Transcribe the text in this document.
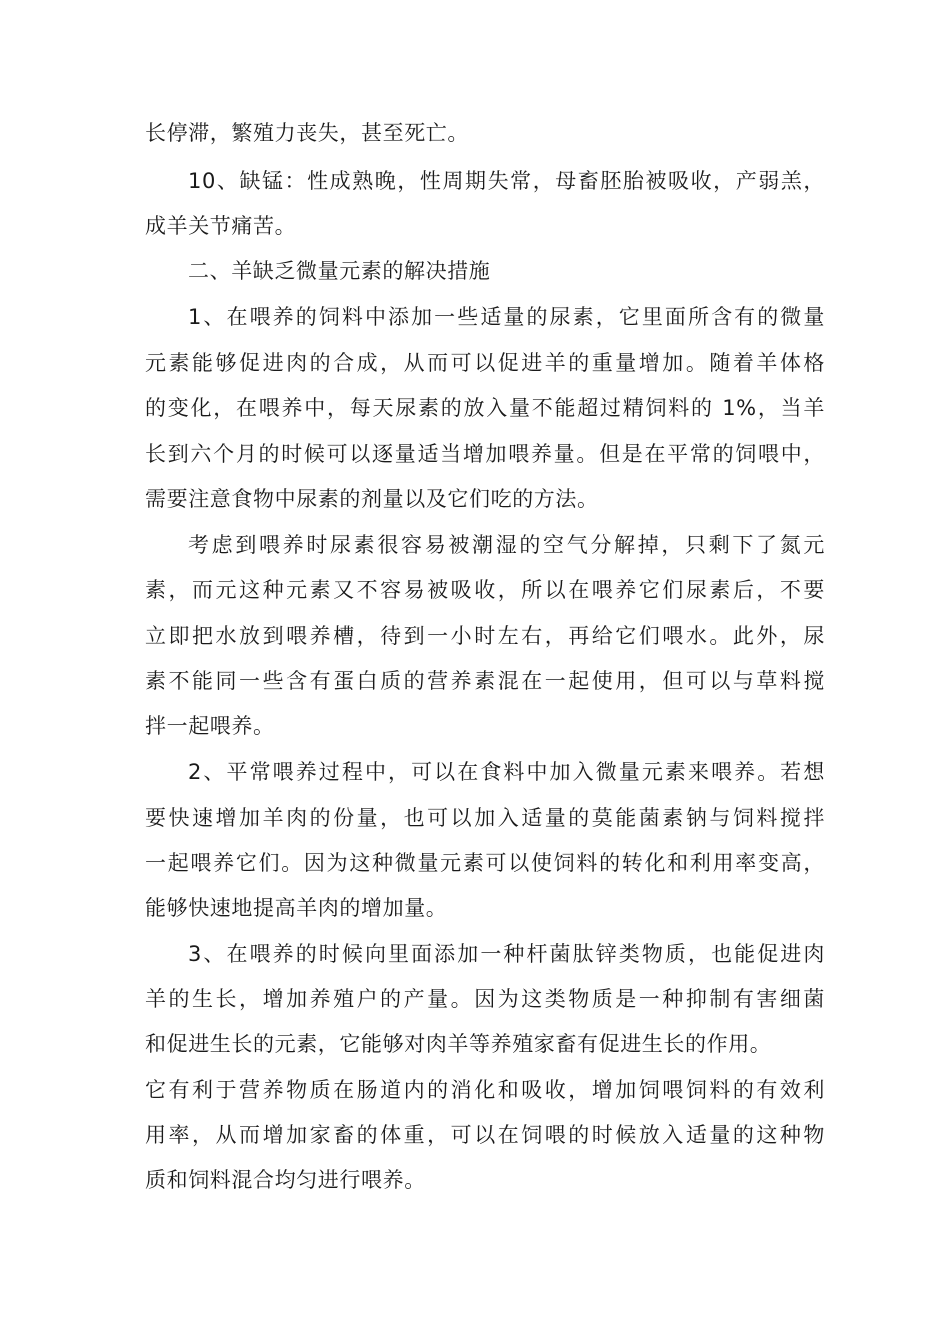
长停滞，繁殖力丧失，甚至死亡。
10、缺锰：性成熟晚，性周期失常，母畜胚胎被吸收，产弱羔，
成羊关节痛苦。
二、羊缺乏微量元素的解决措施
1、在喂养的饲料中添加一些适量的尿素，它里面所含有的微量
元素能够促进肉的合成，从而可以促进羊的重量增加。随着羊体格
的变化，在喂养中，每天尿素的放入量不能超过精饲料的 1%，当羊
长到六个月的时候可以逐量适当增加喂养量。但是在平常的饲喂中，
需要注意食物中尿素的剂量以及它们吃的方法。
考虑到喂养时尿素很容易被潮湿的空气分解掉，只剩下了氮元
素，而元这种元素又不容易被吸收，所以在喂养它们尿素后，不要
立即把水放到喂养槽，待到一小时左右，再给它们喂水。此外，尿
素不能同一些含有蛋白质的营养素混在一起使用，但可以与草料搅
拌一起喂养。
2、平常喂养过程中，可以在食料中加入微量元素来喂养。若想
要快速增加羊肉的份量，也可以加入适量的莫能菌素钠与饲料搅拌
一起喂养它们。因为这种微量元素可以使饲料的转化和利用率变高，
能够快速地提高羊肉的增加量。
3、在喂养的时候向里面添加一种杆菌肽锌类物质，也能促进肉
羊的生长，增加养殖户的产量。因为这类物质是一种抑制有害细菌
和促进生长的元素，它能够对肉羊等养殖家畜有促进生长的作用。
它有利于营养物质在肠道内的消化和吸收，增加饲喂饲料的有效利
用率，从而增加家畜的体重，可以在饲喂的时候放入适量的这种物
质和饲料混合均匀进行喂养。
